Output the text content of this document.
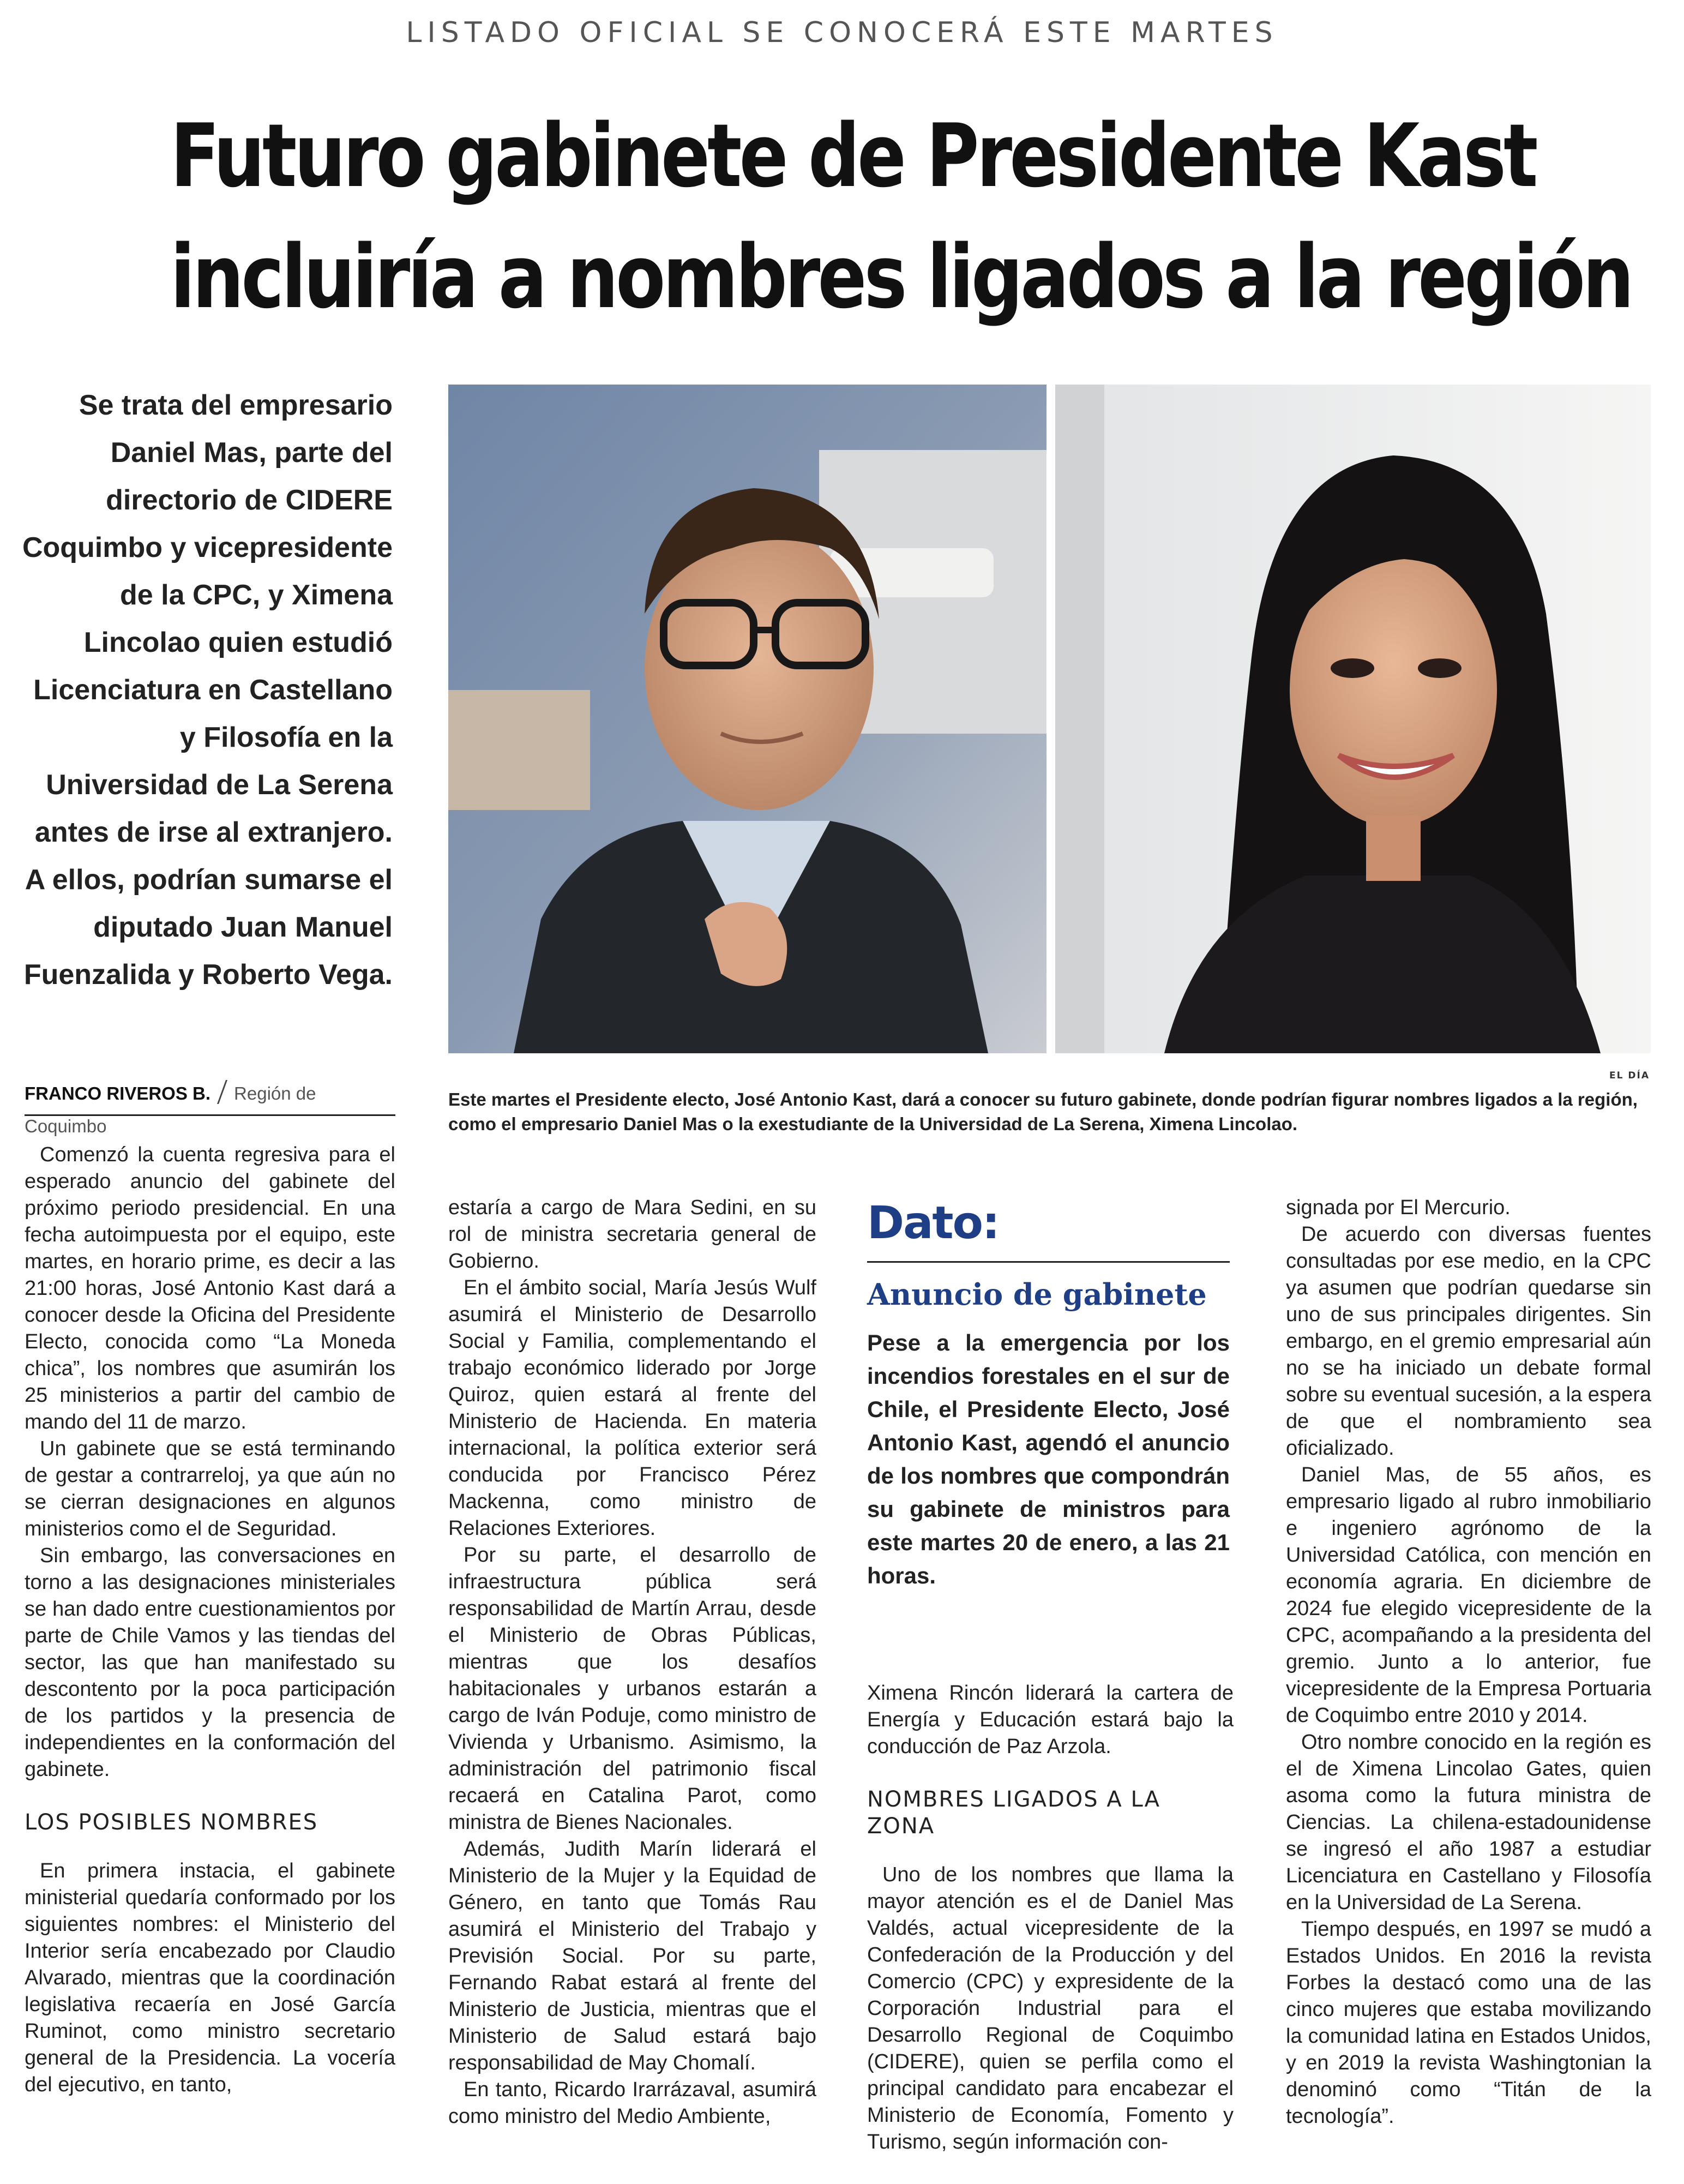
LISTADO OFICIAL SE CONOCERÁ ESTE MARTES
Futuro gabinete de Presidente Kast
incluiría a nombres ligados a la región
Se trata del empresario Daniel Mas, parte del directorio de CIDERE Coquimbo y vicepresidente de la CPC, y Ximena Lincolao quien estudió Licenciatura en Castellano y Filosofía en la Universidad de La Serena antes de irse al extranjero. A ellos, podrían sumarse el diputado Juan Manuel Fuenzalida y Roberto Vega.
EL DÍA
Este martes el Presidente electo, José Antonio Kast, dará a conocer su futuro gabinete, donde podrían figurar nombres ligados a la región, como el empresario Daniel Mas o la exestudiante de la Universidad de La Serena, Ximena Lincolao.
FRANCO RIVEROS B. Región de Coquimbo

Comenzó la cuenta regresiva para el esperado anuncio del gabinete del próximo periodo presidencial. En una fecha autoimpuesta por el equipo, este martes, en horario prime, es decir a las 21:00 horas, José Antonio Kast dará a conocer desde la Oficina del Presidente Electo, conocida como “La Moneda chica”, los nombres que asumirán los 25 ministerios a partir del cambio de mando del 11 de marzo.

Un gabinete que se está terminando de gestar a contrarreloj, ya que aún no se cierran designaciones en algunos ministerios como el de Seguridad.

Sin embargo, las conversaciones en torno a las designaciones ministeriales se han dado entre cuestionamientos por parte de Chile Vamos y las tiendas del sector, las que han manifestado su descontento por la poca participación de los partidos y la presencia de independientes en la conformación del gabinete.

LOS POSIBLES NOMBRES

En primera instacia, el gabinete ministerial quedaría conformado por los siguientes nombres: el Ministerio del Interior sería encabezado por Claudio Alvarado, mientras que la coordinación legislativa recaería en José García Ruminot, como ministro secretario general de la Presidencia. La vocería del ejecutivo, en tanto,

estaría a cargo de Mara Sedini, en su rol de ministra secretaria general de Gobierno.

En el ámbito social, María Jesús Wulf asumirá el Ministerio de Desarrollo Social y Familia, complementando el trabajo económico liderado por Jorge Quiroz, quien estará al frente del Ministerio de Hacienda. En materia internacional, la política exterior será conducida por Francisco Pérez Mackenna, como ministro de Relaciones Exteriores.

Por su parte, el desarrollo de infraestructura pública será responsabilidad de Martín Arrau, desde el Ministerio de Obras Públicas, mientras que los desafíos habitacionales y urbanos estarán a cargo de Iván Poduje, como ministro de Vivienda y Urbanismo. Asimismo, la administración del patrimonio fiscal recaerá en Catalina Parot, como ministra de Bienes Nacionales.

Además, Judith Marín liderará el Ministerio de la Mujer y la Equidad de Género, en tanto que Tomás Rau asumirá el Ministerio del Trabajo y Previsión Social. Por su parte, Fernando Rabat estará al frente del Ministerio de Justicia, mientras que el Ministerio de Salud estará bajo responsabilidad de May Chomalí.

En tanto, Ricardo Irarrázaval, asumirá como ministro del Medio Ambiente,

Dato:
Anuncio de gabinete
Pese a la emergencia por los incendios forestales en el sur de Chile, el Presidente Electo, José Antonio Kast, agendó el anuncio de los nombres que compondrán su gabinete de ministros para este martes 20 de enero, a las 21 horas.

Ximena Rincón liderará la cartera de Energía y Educación estará bajo la conducción de Paz Arzola.

NOMBRES LIGADOS A LA ZONA

Uno de los nombres que llama la mayor atención es el de Daniel Mas Valdés, actual vicepresidente de la Confederación de la Producción y del Comercio (CPC) y expresidente de la Corporación Industrial para el Desarrollo Regional de Coquimbo (CIDERE), quien se perfila como el principal candidato para encabezar el Ministerio de Economía, Fomento y Turismo, según información con-

signada por El Mercurio.

De acuerdo con diversas fuentes consultadas por ese medio, en la CPC ya asumen que podrían quedarse sin uno de sus principales dirigentes. Sin embargo, en el gremio empresarial aún no se ha iniciado un debate formal sobre su eventual sucesión, a la espera de que el nombramiento sea oficializado.

Daniel Mas, de 55 años, es empresario ligado al rubro inmobiliario e ingeniero agrónomo de la Universidad Católica, con mención en economía agraria. En diciembre de 2024 fue elegido vicepresidente de la CPC, acompañando a la presidenta del gremio. Junto a lo anterior, fue vicepresidente de la Empresa Portuaria de Coquimbo entre 2010 y 2014.

Otro nombre conocido en la región es el de Ximena Lincolao Gates, quien asoma como la futura ministra de Ciencias. La chilena-estadounidense se ingresó el año 1987 a estudiar Licenciatura en Castellano y Filosofía en la Universidad de La Serena.

Tiempo después, en 1997 se mudó a Estados Unidos. En 2016 la revista Forbes la destacó como una de las cinco mujeres que estaba movilizando la comunidad latina en Estados Unidos, y en 2019 la revista Washingtonian la denominó como “Titán de la tecnología”.
